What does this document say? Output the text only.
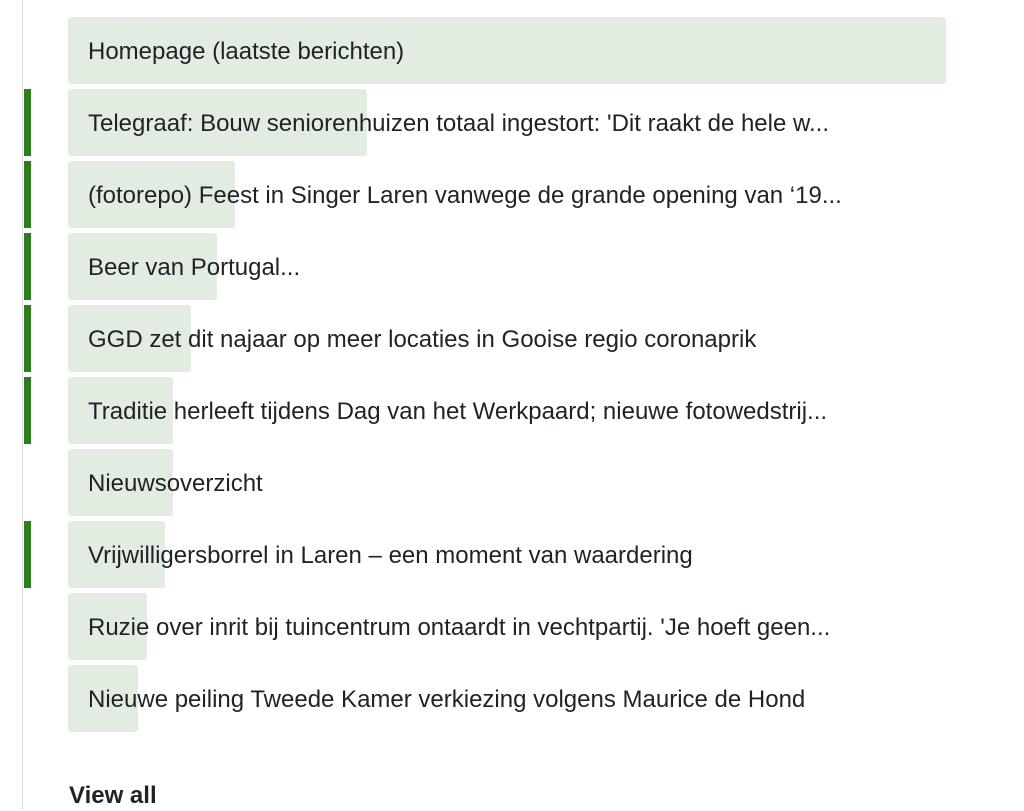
Homepage (laatste berichten)
Telegraaf: Bouw seniorenhuizen totaal ingestort: 'Dit raakt de hele w...
(fotorepo) Feest in Singer Laren vanwege de grande opening van ‘19...
Beer van Portugal...
GGD zet dit najaar op meer locaties in Gooise regio coronaprik
Traditie herleeft tijdens Dag van het Werkpaard; nieuwe fotowedstrij...
Nieuwsoverzicht
Vrijwilligersborrel in Laren – een moment van waardering
Ruzie over inrit bij tuincentrum ontaardt in vechtpartij. 'Je hoeft geen...
Nieuwe peiling Tweede Kamer verkiezing volgens Maurice de Hond
View all
